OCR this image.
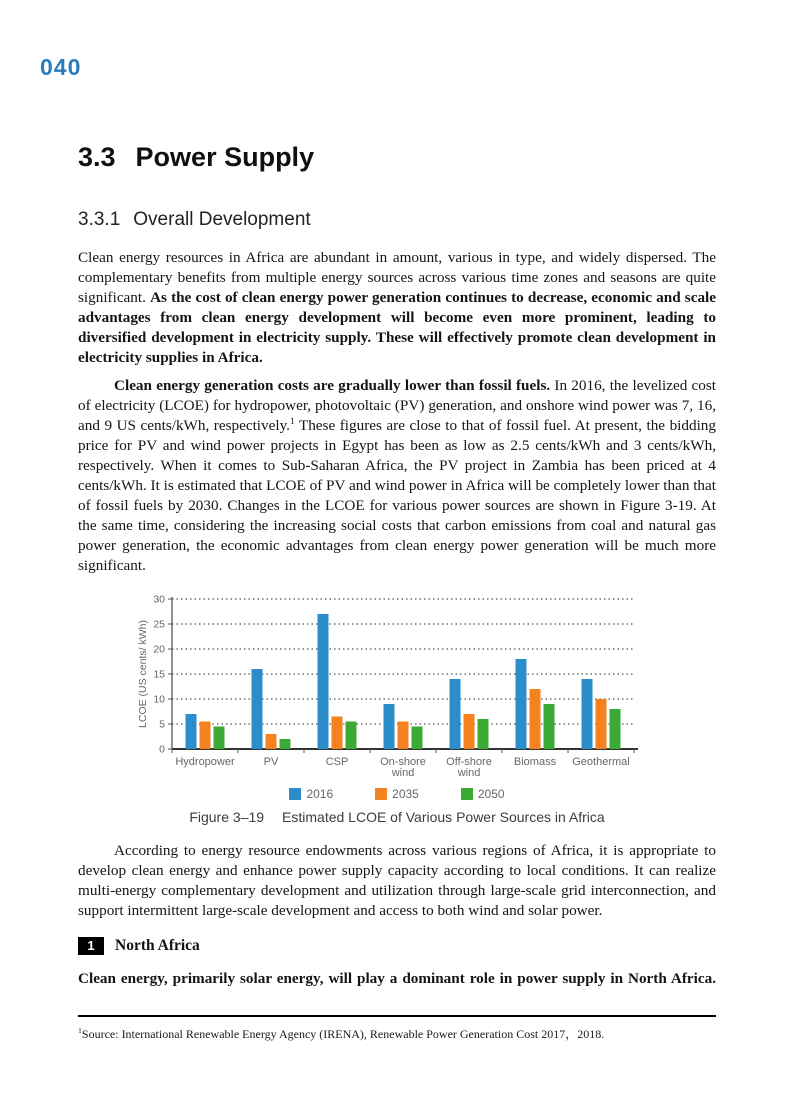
040
3.3 Power Supply
3.3.1 Overall Development

Clean energy resources in Africa are abundant in amount, various in type, and widely dispersed. The complementary benefits from multiple energy sources across various time zones and seasons are quite significant. As the cost of clean energy power generation continues to decrease, economic and scale advantages from clean energy development will become even more prominent, leading to diversified development in electricity supply. These will effectively promote clean development in electricity supplies in Africa.

Clean energy generation costs are gradually lower than fossil fuels. In 2016, the levelized cost of electricity (LCOE) for hydropower, photovoltaic (PV) generation, and onshore wind power was 7, 16, and 9 US cents/kWh, respectively.$^1$ These figures are close to that of fossil fuel. At present, the bidding price for PV and wind power projects in Egypt has been as low as 2.5 cents/kWh and 3 cents/kWh, respectively. When it comes to Sub-Saharan Africa, the PV project in Zambia has been priced at 4 cents/kWh. It is estimated that LCOE of PV and wind power in Africa will be completely lower than that of fossil fuels by 2030. Changes in the LCOE for various power sources are shown in Figure 3-19. At the same time, considering the increasing social costs that carbon emissions from coal and natural gas power generation, the economic advantages from clean energy power generation will be much more significant.

0
5
10
15
20
25
30
Hydropower	PV	CSP	On-shore wind
Off-shore wind
Biomass Geothermal
LCOE (US cents/ kWh)
2016	2035	2050
Figure 3–19 Estimated LCOE of Various Power Sources in Africa

According to energy resource endowments across various regions of Africa, it is appropriate to develop clean energy and enhance power supply capacity according to local conditions. It can realize multi-energy complementary development and utilization through large-scale grid interconnection, and support intermittent large-scale development and access to both wind and solar power.

1	North Africa

Clean energy, primarily solar energy, will play a dominant role in power supply in North Africa.

$^1$Source: International Renewable Energy Agency (IRENA), Renewable Power Generation Cost 2017，2018.
